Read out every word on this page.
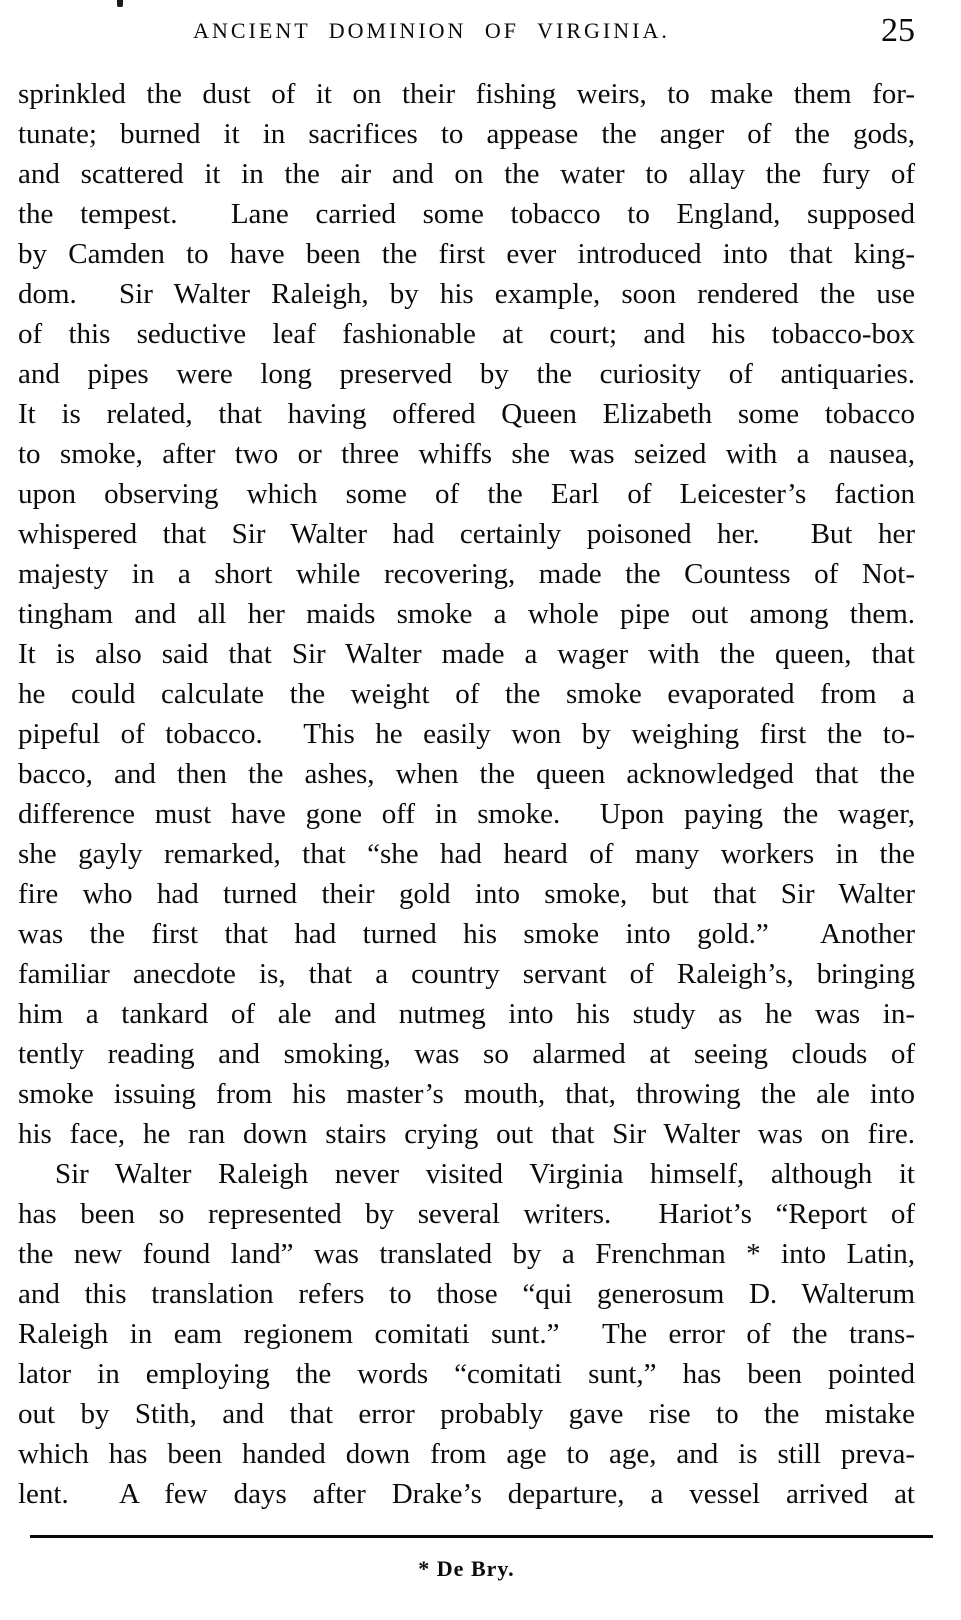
ANCIENT DOMINION OF VIRGINIA.	25
sprinkled the dust of it on their fishing weirs, to make them for-
tunate; burned it in sacrifices to appease the anger of the gods,
and scattered it in the air and on the water to allay the fury of
the tempest.  Lane carried some tobacco to England, supposed
by Camden to have been the first ever introduced into that king-
dom.  Sir Walter Raleigh, by his example, soon rendered the use
of this seductive leaf fashionable at court; and his tobacco-box
and pipes were long preserved by the curiosity of antiquaries.
It is related, that having offered Queen Elizabeth some tobacco
to smoke, after two or three whiffs she was seized with a nausea,
upon observing which some of the Earl of Leicester’s faction
whispered that Sir Walter had certainly poisoned her.  But her
majesty in a short while recovering, made the Countess of Not-
tingham and all her maids smoke a whole pipe out among them.
It is also said that Sir Walter made a wager with the queen, that
he could calculate the weight of the smoke evaporated from a
pipeful of tobacco.  This he easily won by weighing first the to-
bacco, and then the ashes, when the queen acknowledged that the
difference must have gone off in smoke.  Upon paying the wager,
she gayly remarked, that “she had heard of many workers in the
fire who had turned their gold into smoke, but that Sir Walter
was the first that had turned his smoke into gold.”  Another
familiar anecdote is, that a country servant of Raleigh’s, bringing
him a tankard of ale and nutmeg into his study as he was in-
tently reading and smoking, was so alarmed at seeing clouds of
smoke issuing from his master’s mouth, that, throwing the ale into
his face, he ran down stairs crying out that Sir Walter was on fire.
Sir Walter Raleigh never visited Virginia himself, although it
has been so represented by several writers.  Hariot’s “Report of
the new found land” was translated by a Frenchman * into Latin,
and this translation refers to those “qui generosum D. Walterum
Raleigh in eam regionem comitati sunt.”  The error of the trans-
lator in employing the words “comitati sunt,” has been pointed
out by Stith, and that error probably gave rise to the mistake
which has been handed down from age to age, and is still preva-
lent.  A few days after Drake’s departure, a vessel arrived at
* De Bry.
